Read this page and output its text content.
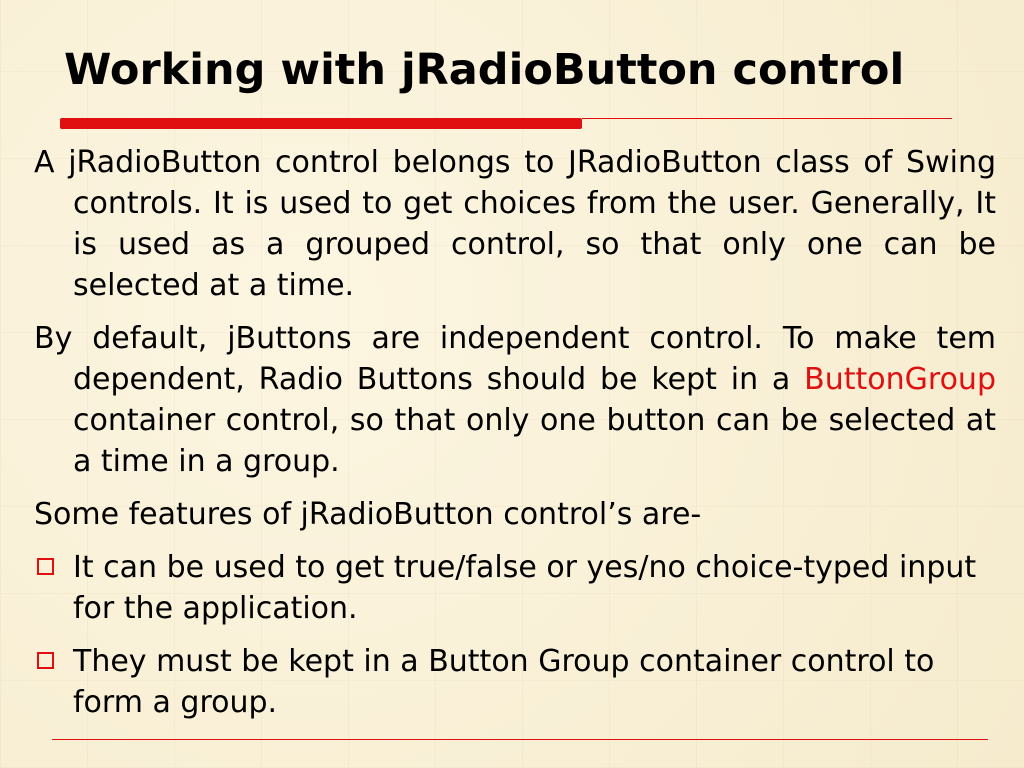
Working with jRadioButton control

A jRadioButton control belongs to JRadioButton class of Swing controls. It is used to get choices from the user. Generally, It is used as a grouped control, so that only one can be selected at a time.

By default, jButtons are independent control. To make tem dependent, Radio Buttons should be kept in a ButtonGroup container control, so that only one button can be selected at a time in a group.

Some features of jRadioButton control’s are-

It can be used to get true/false or yes/no choice-typed input for the application.
They must be kept in a Button Group container control to form a group.
